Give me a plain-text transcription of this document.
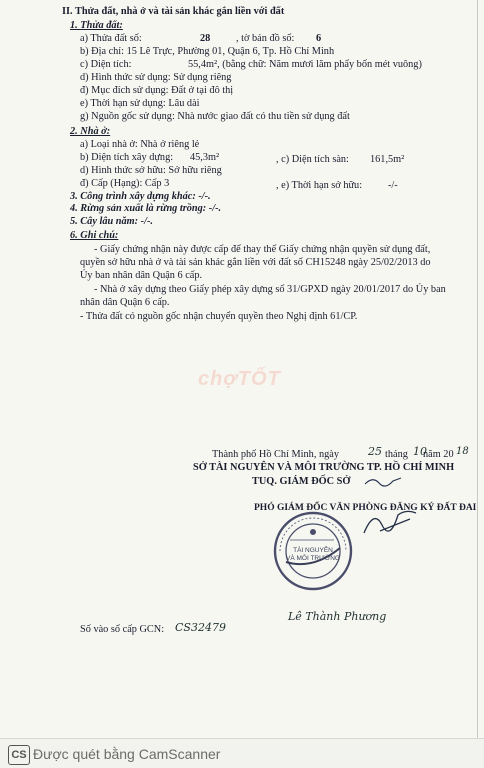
II. Thửa đất, nhà ở và tài sản khác gắn liền với đất
1. Thửa đất:
a) Thửa đất số:	28 , tờ bản đồ số: 6
b) Địa chỉ: 15 Lê Trực, Phường 01, Quận 6, Tp. Hồ Chí Minh
c) Diện tích:	55,4m², (bằng chữ: Năm mươi lăm phẩy bốn mét vuông)
d) Hình thức sử dụng: Sử dụng riêng
đ) Mục đích sử dụng: Đất ở tại đô thị
e) Thời hạn sử dụng: Lâu dài
g) Nguồn gốc sử dụng: Nhà nước giao đất có thu tiền sử dụng đất
2. Nhà ở:
a) Loại nhà ở: Nhà ở riêng lẻ
b) Diện tích xây dựng: 45,3m²	, c) Diện tích sàn: 161,5m²
d) Hình thức sở hữu: Sở hữu riêng
đ) Cấp (Hạng): Cấp 3	, e) Thời hạn sở hữu:	-/-
3. Công trình xây dựng khác: -/-.
4. Rừng sản xuất là rừng trồng: -/-.
5. Cây lâu năm: -/-.
6. Ghi chú:
- Giấy chứng nhận này được cấp để thay thế Giấy chứng nhận quyền sử dụng đất,
quyền sở hữu nhà ở và tài sản khác gắn liền với đất số CH15248 ngày 25/02/2013 do
Ủy ban nhân dân Quận 6 cấp.
- Nhà ở xây dựng theo Giấy phép xây dựng số 31/GPXD ngày 20/01/2017 do Ủy ban
nhân dân Quận 6 cấp.
- Thửa đất có nguồn gốc nhận chuyển quyền theo Nghị định 61/CP.
chợTỐT
Thành phố Hồ Chí Minh, ngày	25 tháng 10
năm 20 18
SỞ TÀI NGUYÊN VÀ MÔI TRƯỜNG TP. HỒ CHÍ MINH
TUQ. GIÁM ĐỐC SỞ
PHÓ GIÁM ĐỐC VĂN PHÒNG ĐĂNG KÝ ĐẤT ĐAI
TÀI NGUYÊN
VÀ MÔI TRƯỜNG
Lê Thành Phương
Số vào sổ cấp GCN: CS32479
CS Được quét bằng CamScanner
